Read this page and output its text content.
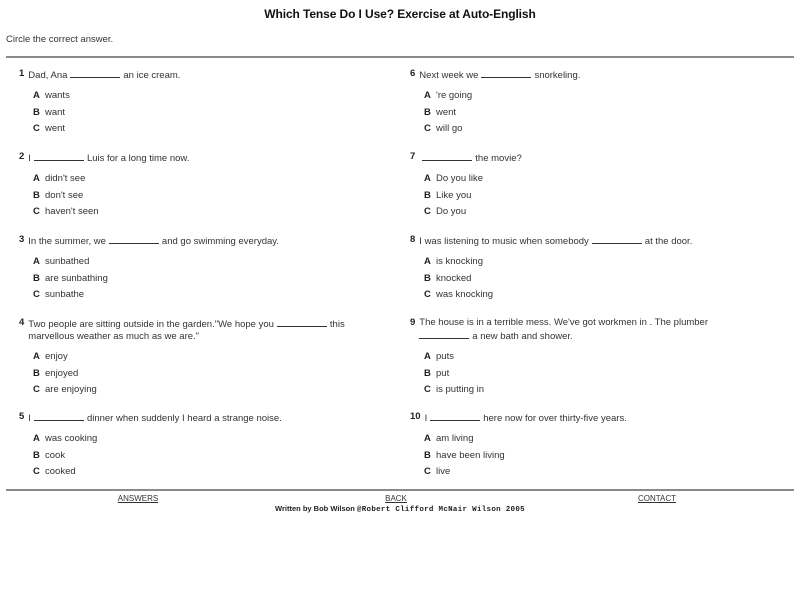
Which Tense Do I Use? Exercise at Auto-English
Circle the correct answer.
1 Dad, Ana	an ice cream.
A wants
B want
C went
2 I	Luis for a long time now.
A didn't see
B don't see
C haven't seen
3 In the summer, we	and go swimming everyday.
A sunbathed
B are sunbathing
C sunbathe
4 Two people are sitting outside in the garden."We hope you	this
marvellous weather as much as we are."
A enjoy
B enjoyed
C are enjoying
5 I	dinner when suddenly I heard a strange noise.
A was cooking
B cook
C cooked
6 Next week we	snorkeling.
A 're going
B went
C will go
7	the movie?
A Do you like
B Like you
C Do you
8 I was listening to music when somebody	at the door.
A is knocking
B knocked
C was knocking
9 The house is in a terrible mess. We've got workmen in . The plumber
a new bath and shower.
A puts
B put
C is putting in
10 I	here now for over thirty-five years.
A am living
B have been living
C live
ANSWERS	BACK	CONTACT
Written by Bob Wilson @Robert Clifford McNair Wilson 2005
